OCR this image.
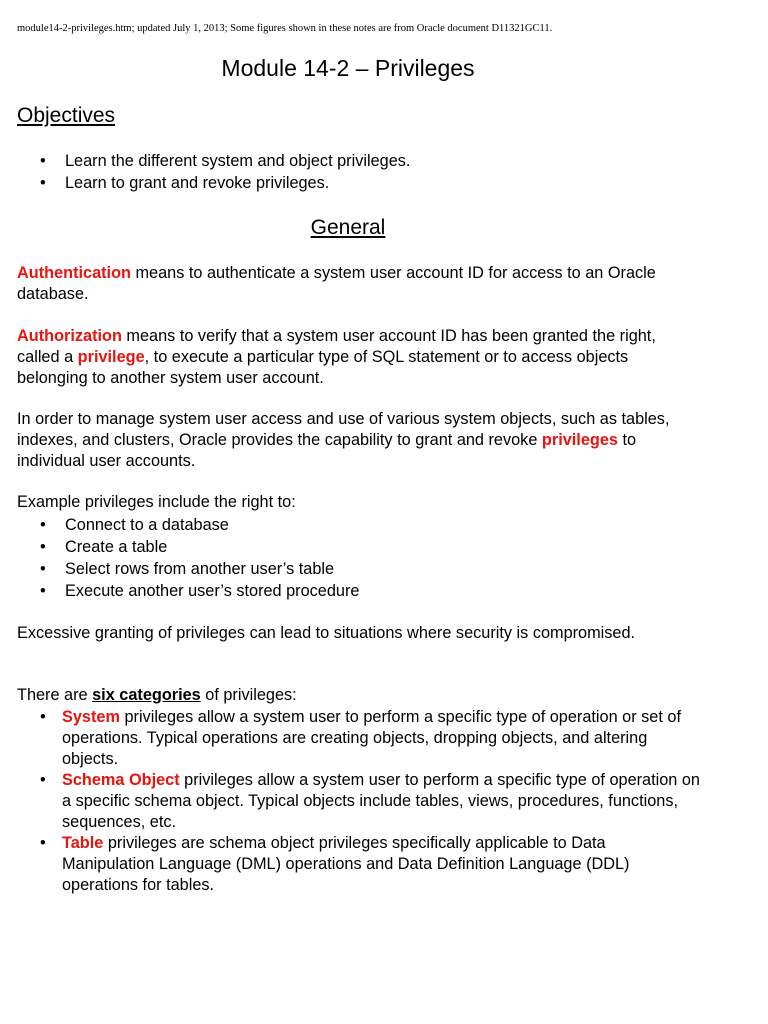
module14-2-privileges.htm; updated July 1, 2013; Some figures shown in these notes are from Oracle document D11321GC11.
Module 14-2 – Privileges
Objectives
• Learn the different system and object privileges.
• Learn to grant and revoke privileges.
General
Authentication means to authenticate a system user account ID for access to an Oracle database.
Authorization means to verify that a system user account ID has been granted the right, called a privilege, to execute a particular type of SQL statement or to access objects belonging to another system user account.
In order to manage system user access and use of various system objects, such as tables, indexes, and clusters, Oracle provides the capability to grant and revoke privileges to individual user accounts.
Example privileges include the right to:
• Connect to a database
• Create a table
• Select rows from another user’s table
• Execute another user’s stored procedure
Excessive granting of privileges can lead to situations where security is compromised.
There are six categories of privileges:
• System privileges allow a system user to perform a specific type of operation or set of operations. Typical operations are creating objects, dropping objects, and altering objects.
• Schema Object privileges allow a system user to perform a specific type of operation on a specific schema object. Typical objects include tables, views, procedures, functions, sequences, etc.
• Table privileges are schema object privileges specifically applicable to Data Manipulation Language (DML) operations and Data Definition Language (DDL) operations for tables.
